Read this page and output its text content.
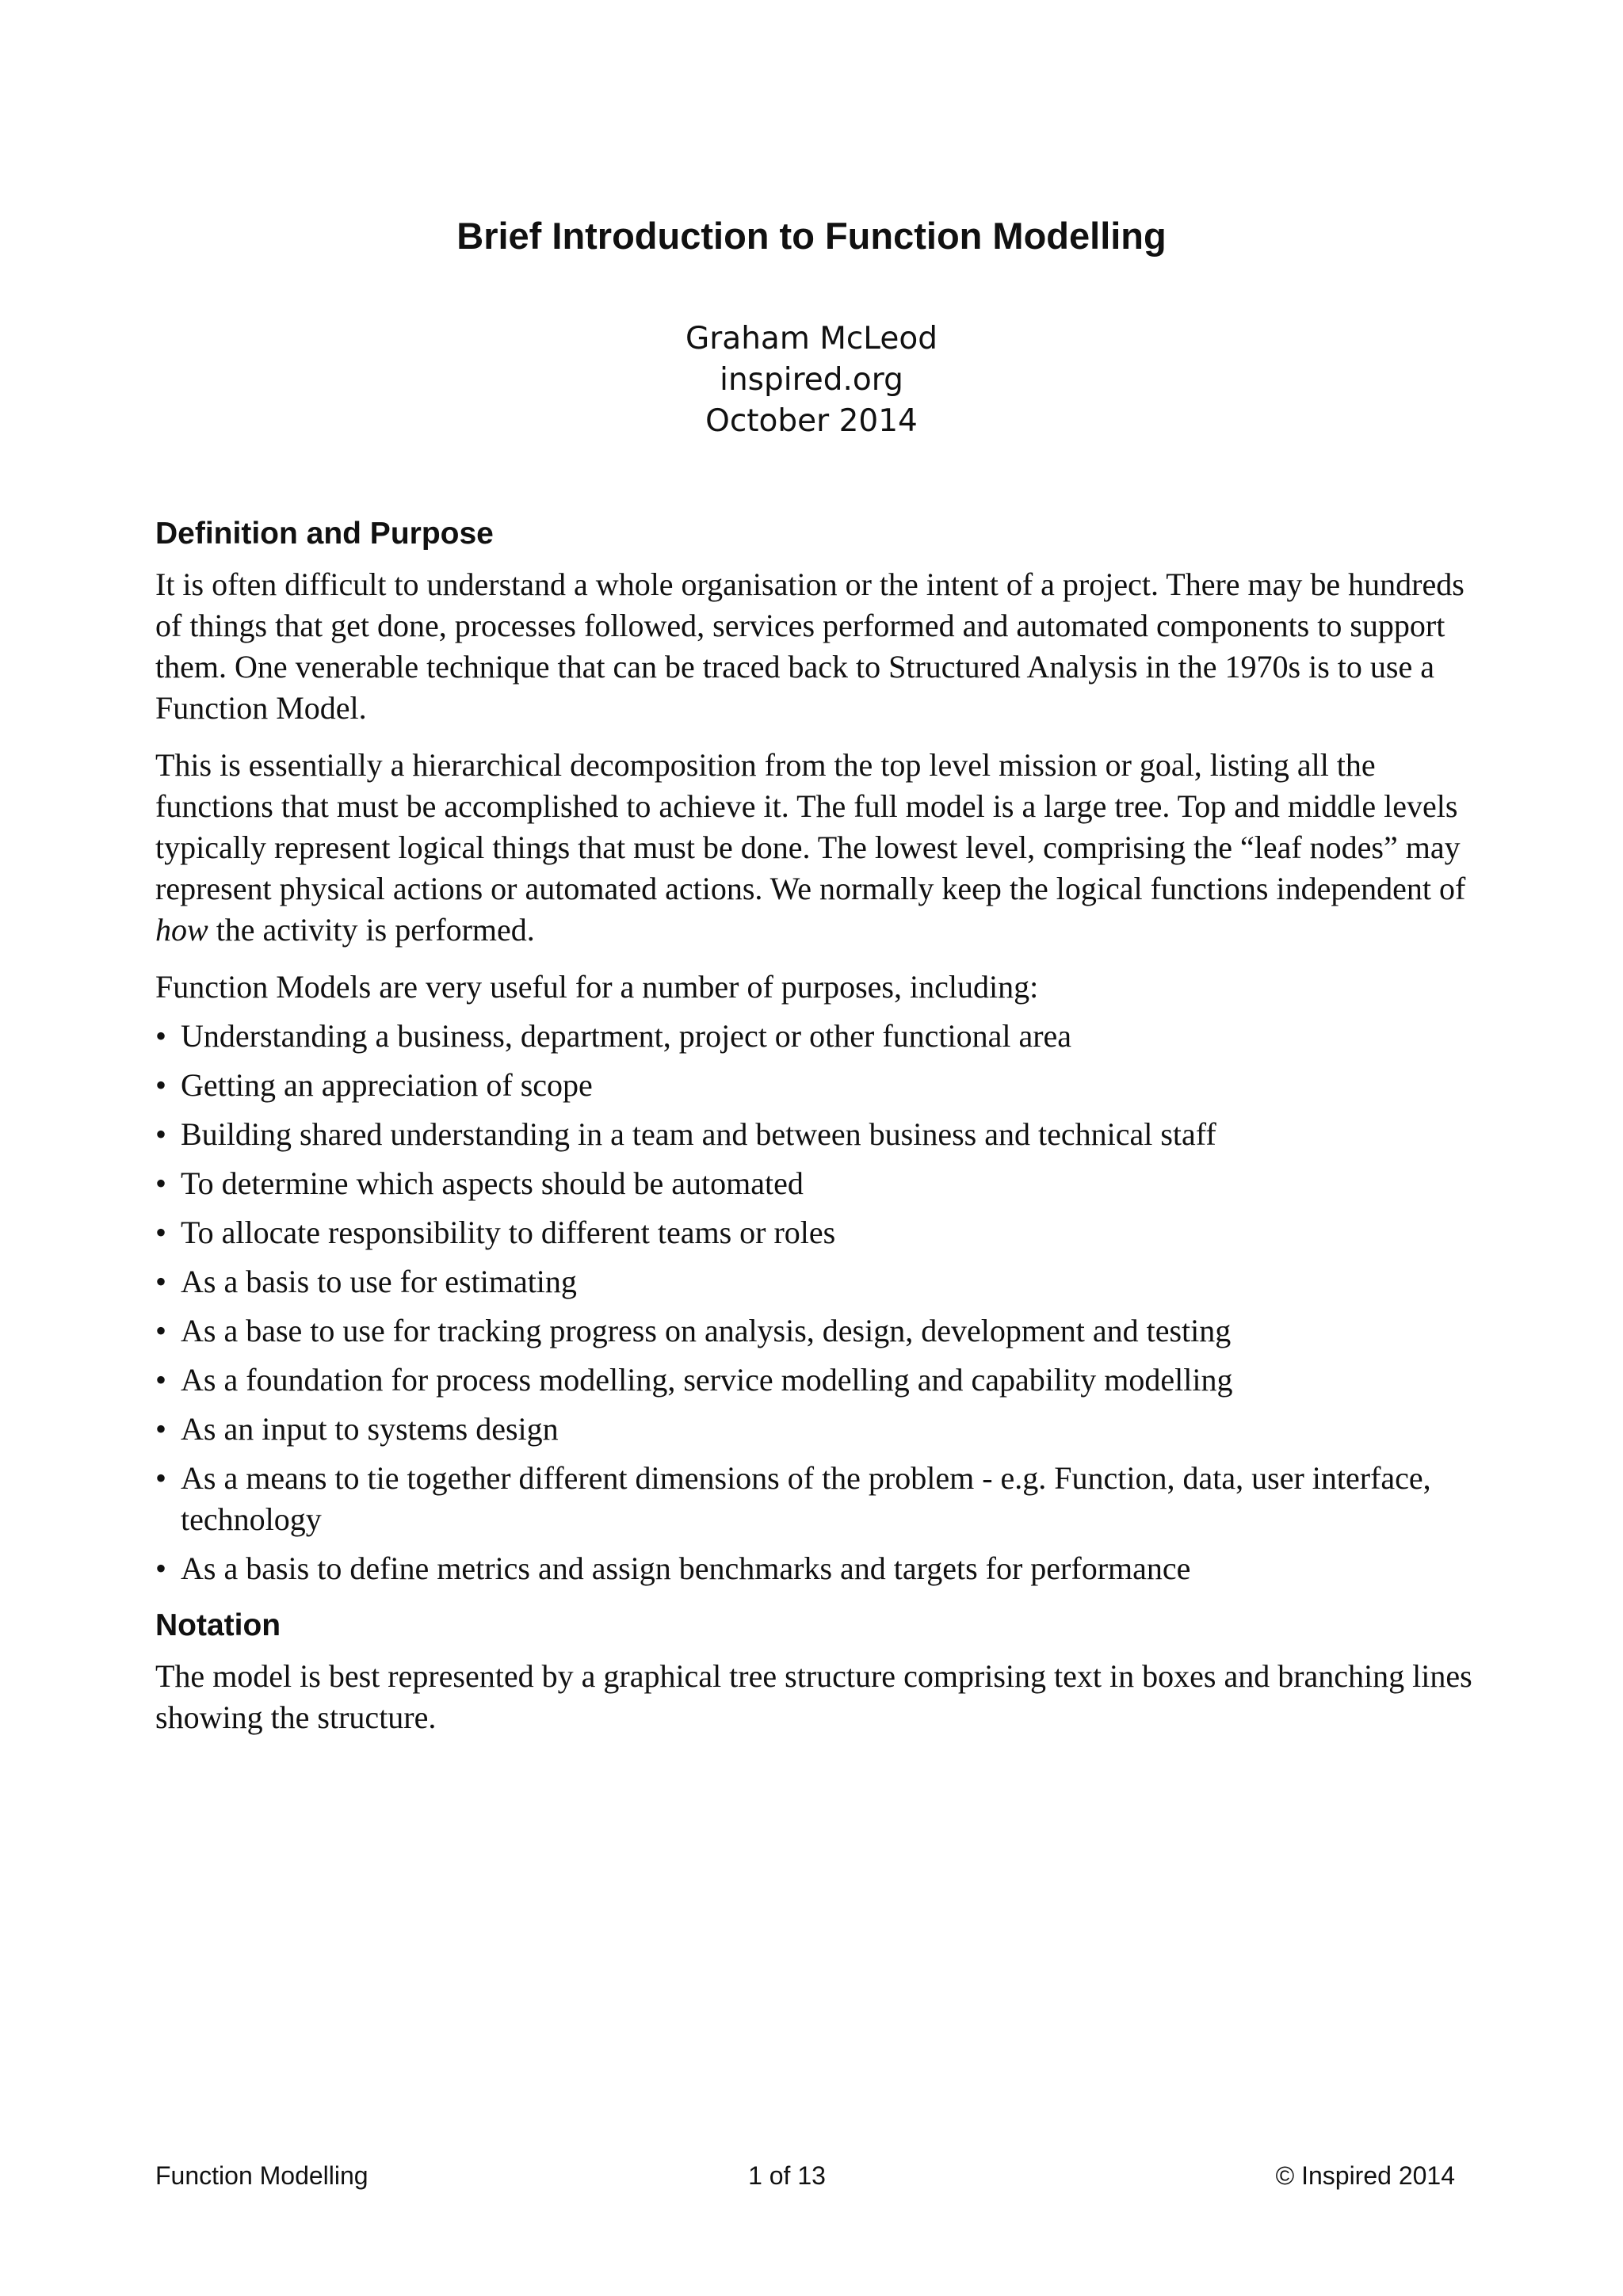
Brief Introduction to Function Modelling
Graham McLeod
inspired.org
October 2014
Definition and Purpose

It is often difficult to understand a whole organisation or the intent of a project. There may be hundreds of things that get done, processes followed, services performed and automated components to support them. One venerable technique that can be traced back to Structured Analysis in the 1970s is to use a Function Model.

This is essentially a hierarchical decomposition from the top level mission or goal, listing all the functions that must be accomplished to achieve it. The full model is a large tree. Top and middle levels typically represent logical things that must be done. The lowest level, comprising the “leaf nodes” may represent physical actions or automated actions. We normally keep the logical functions independent of how the activity is performed.

Function Models are very useful for a number of purposes, including:

• Understanding a business, department, project or other functional area
• Getting an appreciation of scope
• Building shared understanding in a team and between business and technical staff
• To determine which aspects should be automated
• To allocate responsibility to different teams or roles
• As a basis to use for estimating
• As a base to use for tracking progress on analysis, design, development and testing
• As a foundation for process modelling, service modelling and capability modelling
• As an input to systems design
• As a means to tie together different dimensions of the problem - e.g. Function, data, user interface, technology
• As a basis to define metrics and assign benchmarks and targets for performance
Notation

The model is best represented by a graphical tree structure comprising text in boxes and branching lines showing the structure.

Function Modelling	1 of 13	© Inspired 2014
